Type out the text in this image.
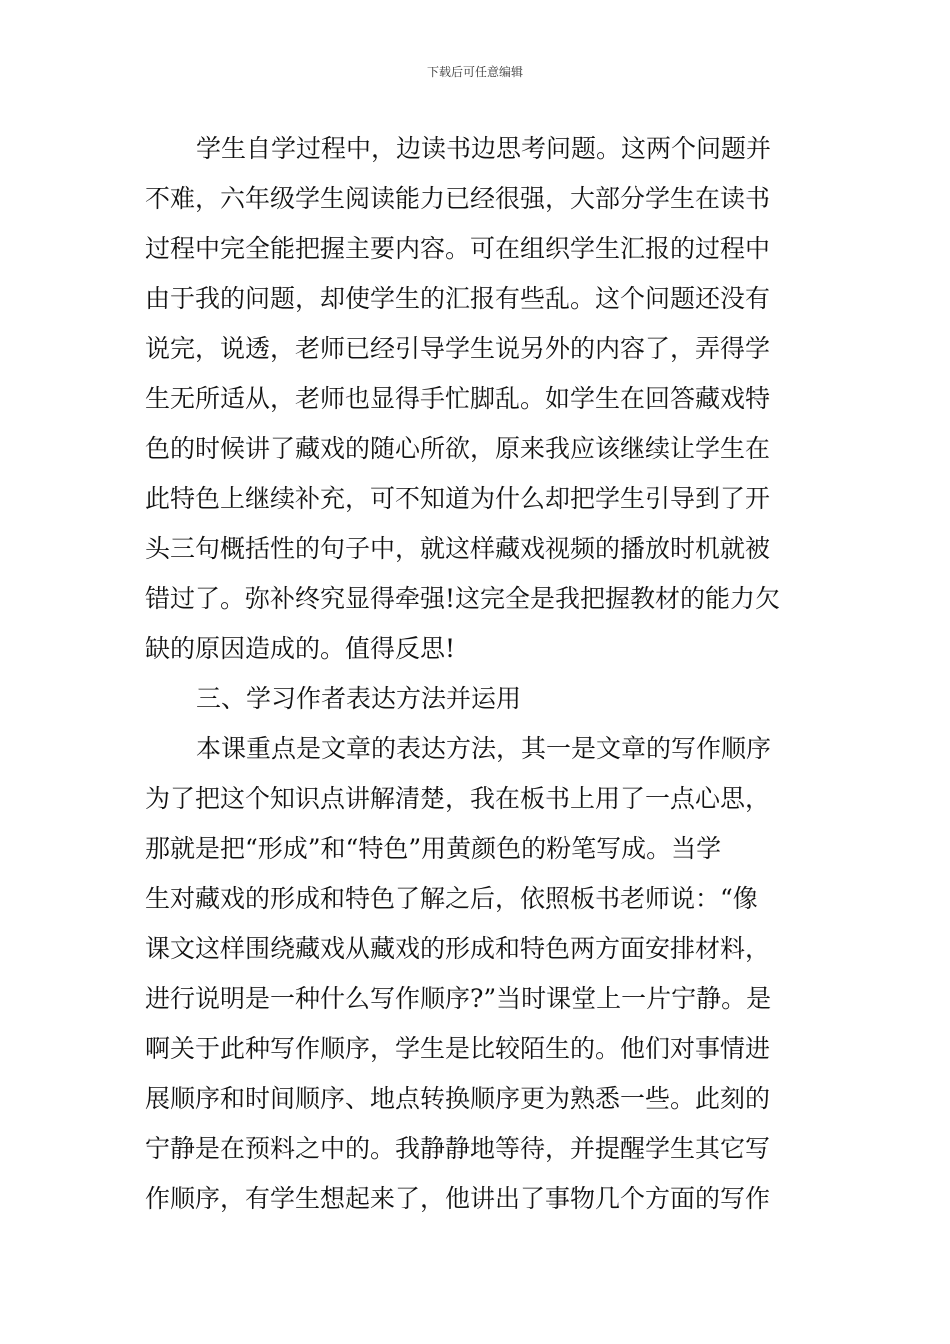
下载后可任意编辑
学生自学过程中，边读书边思考问题。这两个问题并
不难，六年级学生阅读能力已经很强，大部分学生在读书
过程中完全能把握主要内容。可在组织学生汇报的过程中
由于我的问题，却使学生的汇报有些乱。这个问题还没有
说完，说透，老师已经引导学生说另外的内容了，弄得学
生无所适从，老师也显得手忙脚乱。如学生在回答藏戏特
色的时候讲了藏戏的随心所欲，原来我应该继续让学生在
此特色上继续补充，可不知道为什么却把学生引导到了开
头三句概括性的句子中，就这样藏戏视频的播放时机就被
错过了。弥补终究显得牵强!这完全是我把握教材的能力欠
缺的原因造成的。值得反思!
三、学习作者表达方法并运用
本课重点是文章的表达方法，其一是文章的写作顺序
为了把这个知识点讲解清楚，我在板书上用了一点心思，
那就是把“形成”和“特色”用黄颜色的粉笔写成。当学
生对藏戏的形成和特色了解之后，依照板书老师说：“像
课文这样围绕藏戏从藏戏的形成和特色两方面安排材料，
进行说明是一种什么写作顺序?”当时课堂上一片宁静。是
啊关于此种写作顺序，学生是比较陌生的。他们对事情进
展顺序和时间顺序、地点转换顺序更为熟悉一些。此刻的
宁静是在预料之中的。我静静地等待，并提醒学生其它写
作顺序，有学生想起来了，他讲出了事物几个方面的写作
